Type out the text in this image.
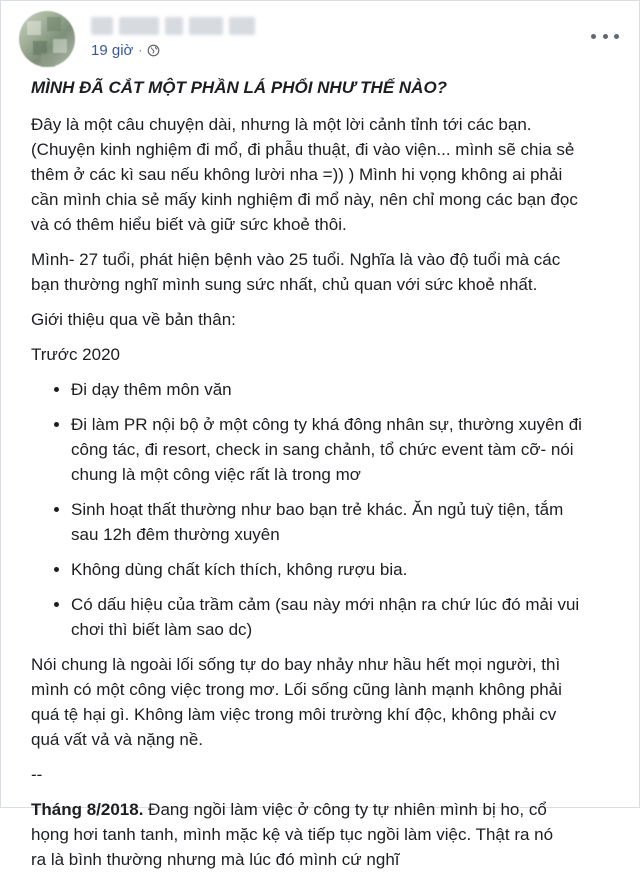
19 giờ ·

MÌNH ĐÃ CẮT MỘT PHẦN LÁ PHỔI NHƯ THẾ NÀO?

Đây là một câu chuyện dài, nhưng là một lời cảnh tỉnh tới các bạn.
(Chuyện kinh nghiệm đi mổ, đi phẫu thuật, đi vào viện... mình sẽ chia sẻ
thêm ở các kì sau nếu không lười nha =)) ) Mình hi vọng không ai phải
cần mình chia sẻ mấy kinh nghiệm đi mổ này, nên chỉ mong các bạn đọc
và có thêm hiểu biết và giữ sức khoẻ thôi.

Mình- 27 tuổi, phát hiện bệnh vào 25 tuổi. Nghĩa là vào độ tuổi mà các
bạn thường nghĩ mình sung sức nhất, chủ quan với sức khoẻ nhất.

Giới thiệu qua về bản thân:

Trước 2020

• Đi dạy thêm môn văn
• Đi làm PR nội bộ ở một công ty khá đông nhân sự, thường xuyên đi
công tác, đi resort, check in sang chảnh, tổ chức event tàm cỡ- nói
chung là một công việc rất là trong mơ
• Sinh hoạt thất thường như bao bạn trẻ khác. Ăn ngủ tuỳ tiện, tắm
sau 12h đêm thường xuyên
• Không dùng chất kích thích, không rượu bia.
• Có dấu hiệu của trầm cảm (sau này mới nhận ra chứ lúc đó mải vui
chơi thì biết làm sao dc)

Nói chung là ngoài lối sống tự do bay nhảy như hầu hết mọi người, thì
mình có một công việc trong mơ. Lối sống cũng lành mạnh không phải
quá tệ hại gì. Không làm việc trong môi trường khí độc, không phải cv
quá vất vả và nặng nề.

--

Tháng 8/2018. Đang ngồi làm việc ở công ty tự nhiên mình bị ho, cổ
họng hơi tanh tanh, mình mặc kệ và tiếp tục ngồi làm việc. Thật ra nó
ra là bình thường nhưng mà lúc đó mình cứ nghĩ
